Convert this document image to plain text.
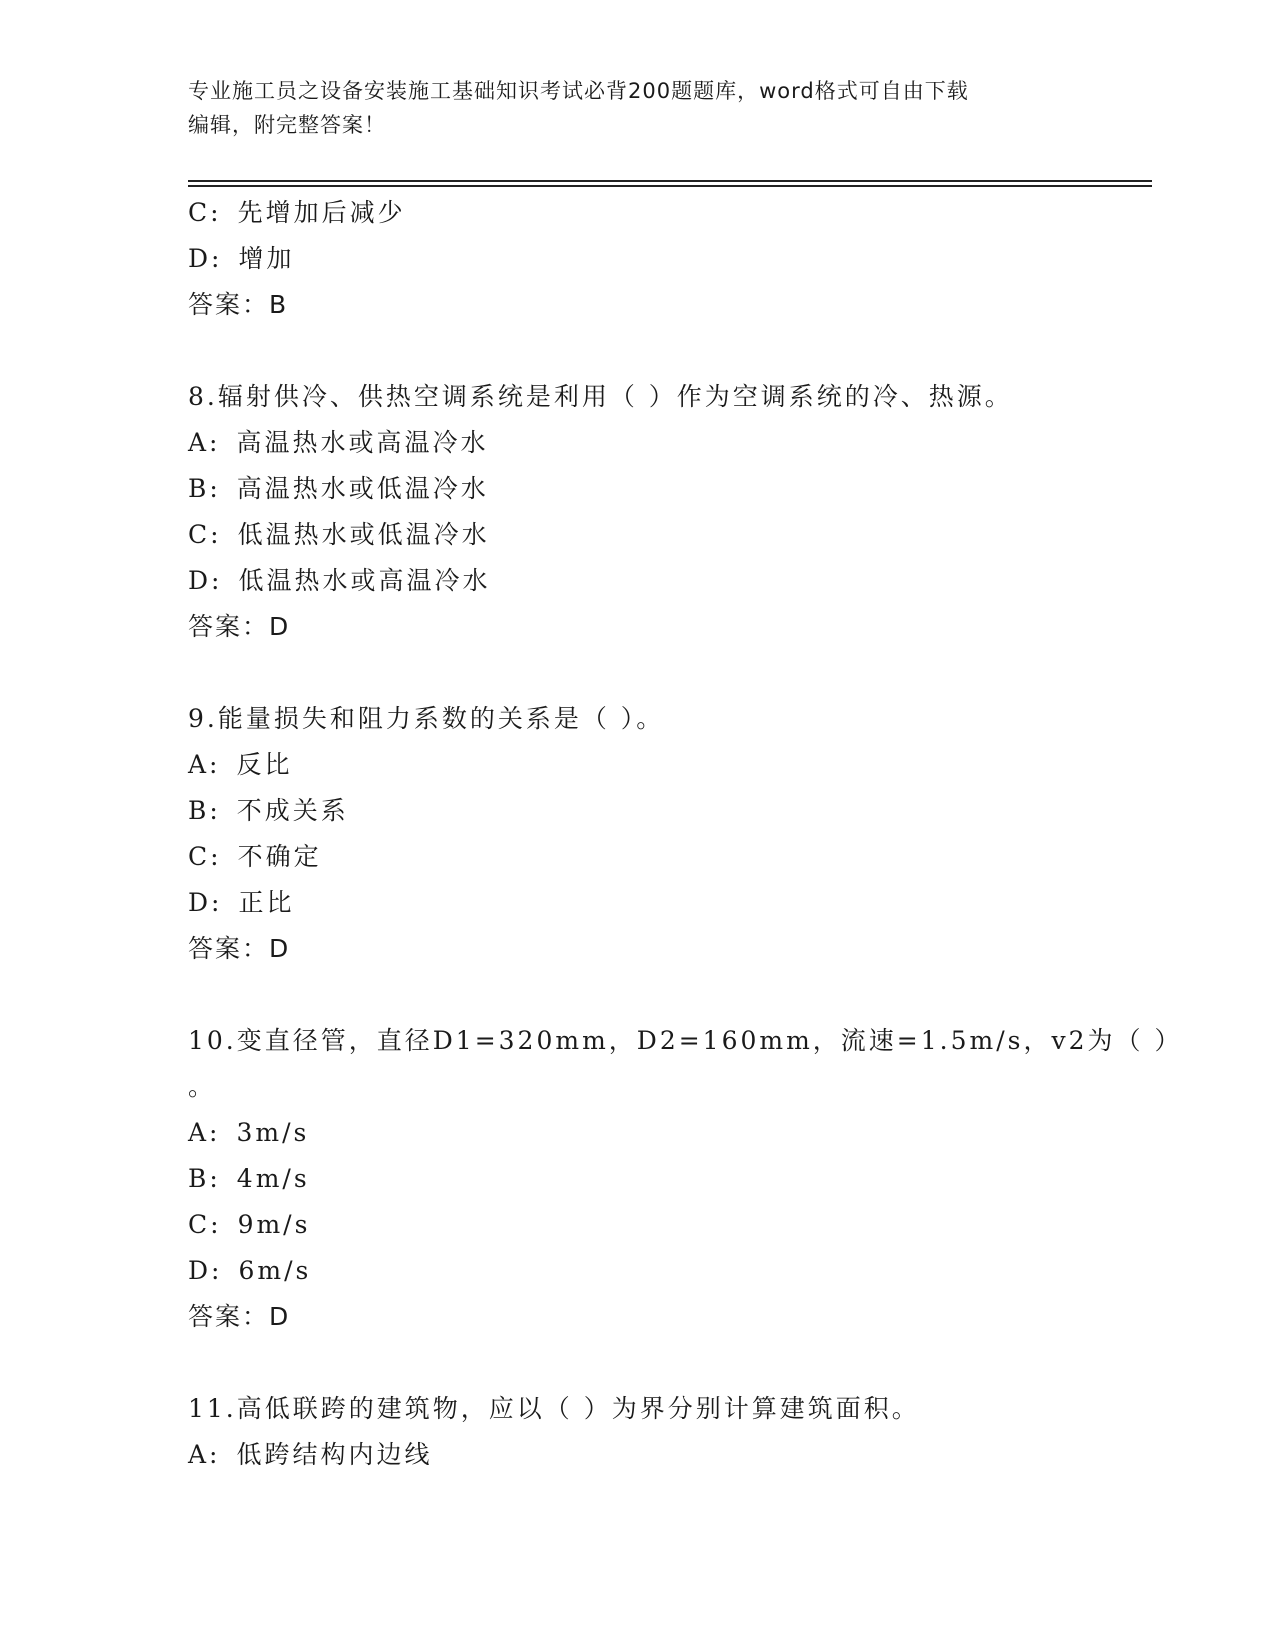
专业施工员之设备安装施工基础知识考试必背200题题库，word格式可自由下载
编辑，附完整答案！
C: 先增加后减少
D: 增加
答案：B
8.辐射供冷、供热空调系统是利用（ ）作为空调系统的冷、热源。
A: 高温热水或高温冷水
B: 高温热水或低温冷水
C: 低温热水或低温冷水
D: 低温热水或高温冷水
答案：D
9.能量损失和阻力系数的关系是（ ）。
A: 反比
B: 不成关系
C: 不确定
D: 正比
答案：D
10.变直径管，直径D1=320mm，D2=160mm，流速=1.5m/s，v2为（ ）
。
A: 3m/s
B: 4m/s
C: 9m/s
D: 6m/s
答案：D
11.高低联跨的建筑物，应以（ ）为界分别计算建筑面积。
A: 低跨结构内边线
